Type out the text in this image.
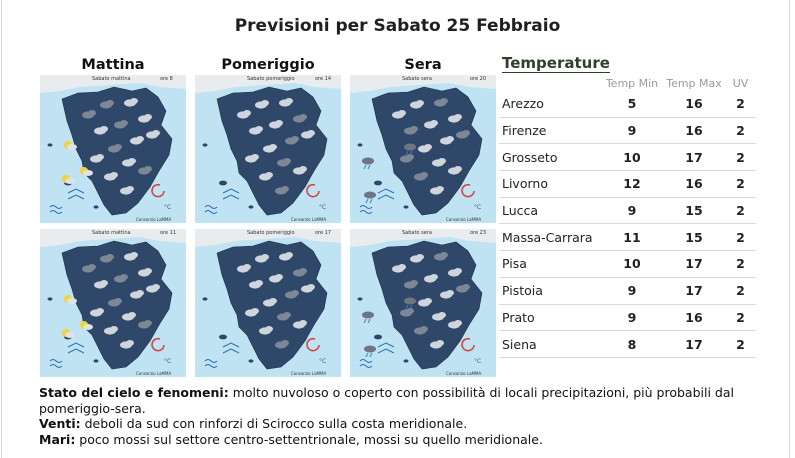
Previsioni per Sabato 25 Febbraio
Mattina	Pomeriggio	Sera
°C
Consorzio LaMMA
Sabato mattina	ore 8
°C
Consorzio LaMMA
Sabato pomeriggio	ore 14
°C
Consorzio LaMMA
Sabato sera	ore 20
°C
Consorzio LaMMA
Sabato mattina	ore 11
°C
Consorzio LaMMA
Sabato pomeriggio	ore 17
°C
Consorzio LaMMA
Sabato sera	ore 23
Temperature
	Temp Min	Temp Max	UV
Arezzo	5	16	2
Firenze	9	16	2
Grosseto	10	17	2
Livorno	12	16	2
Lucca	9	15	2
Massa-Carrara	11	15	2
Pisa	10	17	2
Pistoia	9	17	2
Prato	9	16	2
Siena	8	17	2
Stato del cielo e fenomeni: molto nuvoloso o coperto con possibilità di locali precipitazioni, più probabili dal pomeriggio-sera.
Venti: deboli da sud con rinforzi di Scirocco sulla costa meridionale.
Mari: poco mossi sul settore centro-settentrionale, mossi su quello meridionale.
